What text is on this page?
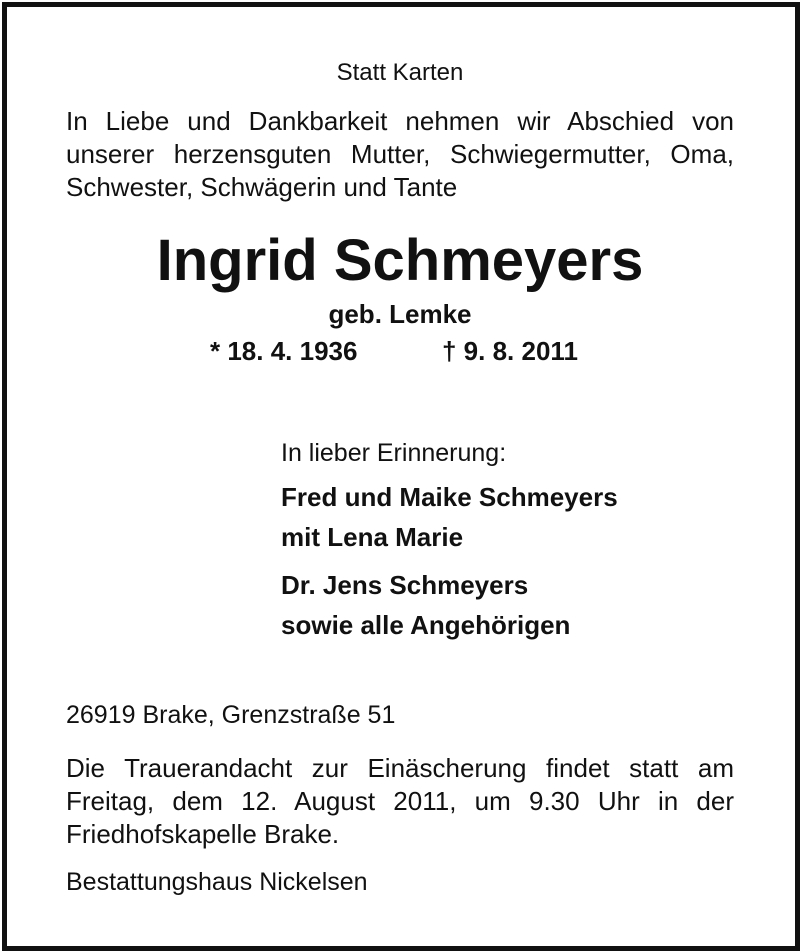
Statt Karten

In Liebe und Dankbarkeit nehmen wir Abschied von
unserer herzensguten Mutter, Schwiegermutter, Oma,
Schwester, Schwägerin und Tante
Ingrid Schmeyers

geb. Lemke

* 18. 4. 1936	† 9. 8. 2011

In lieber Erinnerung:

Fred und Maike Schmeyers
mit Lena Marie
Dr. Jens Schmeyers
sowie alle Angehörigen

26919 Brake, Grenzstraße 51

Die Trauerandacht zur Einäscherung findet statt am
Freitag, dem 12. August 2011, um 9.30 Uhr in der
Friedhofskapelle Brake.

Bestattungshaus Nickelsen
